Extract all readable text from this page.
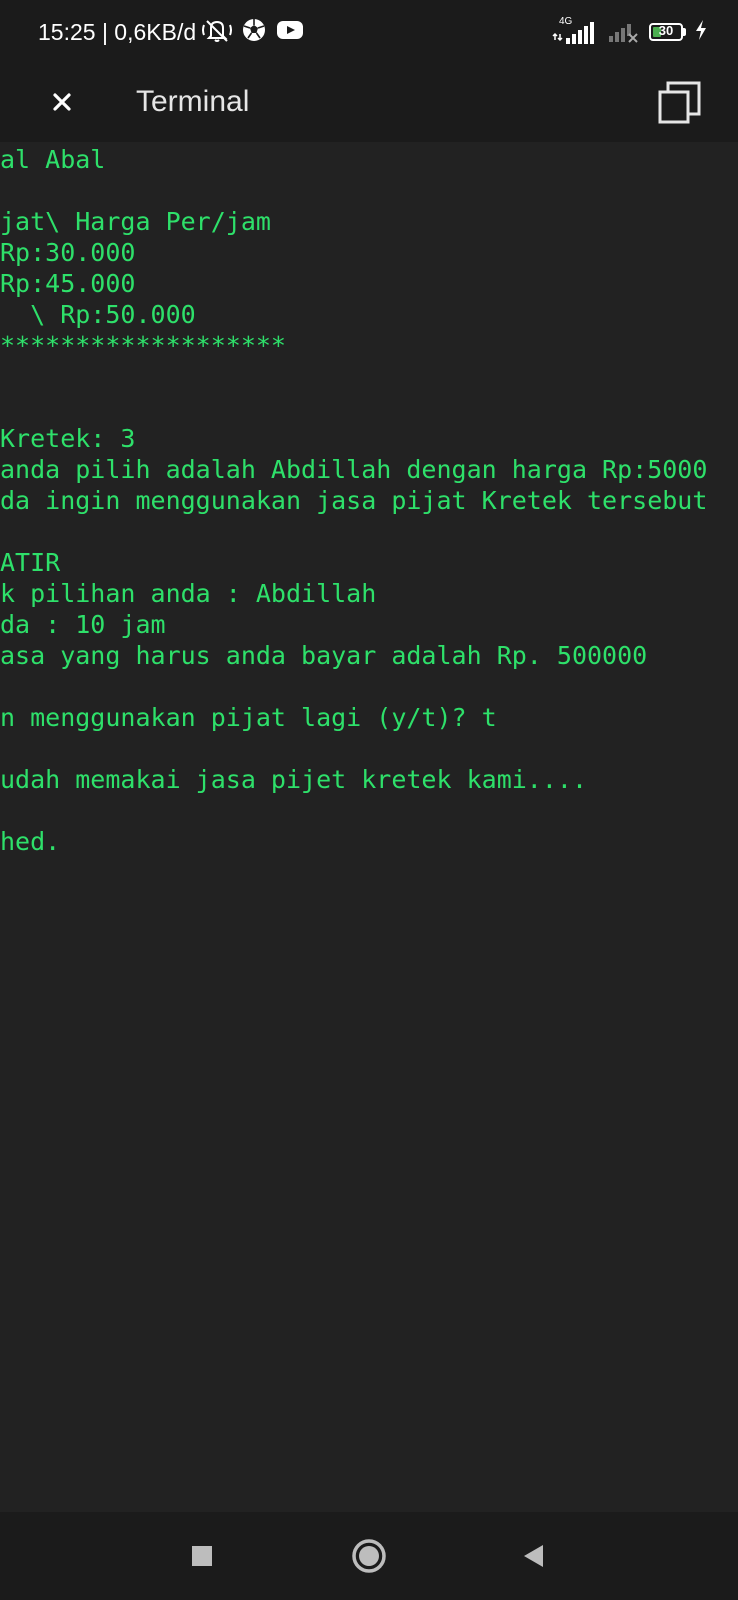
15:25 | 0,6KB/d	4G
30
Terminal
al Abal
jat\ Harga Per/jam
Rp:30.000
Rp:45.000
\ Rp:50.000
*******************
Kretek: 3
anda pilih adalah Abdillah dengan harga Rp:5000
da ingin menggunakan jasa pijat Kretek tersebut
ATIR
k pilihan anda : Abdillah
da : 10 jam
asa yang harus anda bayar adalah Rp. 500000
n menggunakan pijat lagi (y/t)? t
udah memakai jasa pijet kretek kami....
hed.
